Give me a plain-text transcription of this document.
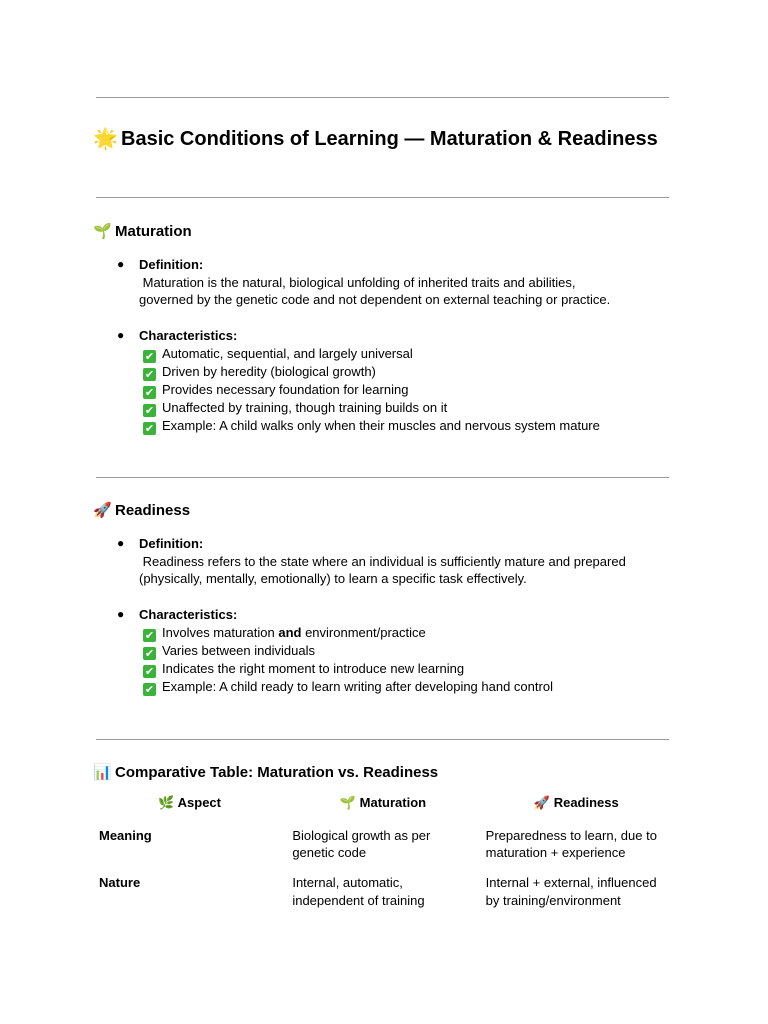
🌟 Basic Conditions of Learning — Maturation & Readiness
🌱 Maturation
● Definition:
Maturation is the natural, biological unfolding of inherited traits and abilities,
governed by the genetic code and not dependent on external teaching or practice.
● Characteristics:
✔ Automatic, sequential, and largely universal
✔ Driven by heredity (biological growth)
✔ Provides necessary foundation for learning
✔ Unaffected by training, though training builds on it
✔ Example: A child walks only when their muscles and nervous system mature
🚀 Readiness
● Definition:
Readiness refers to the state where an individual is sufficiently mature and prepared
(physically, mentally, emotionally) to learn a specific task effectively.
● Characteristics:
✔ Involves maturation and environment/practice
✔ Varies between individuals
✔ Indicates the right moment to introduce new learning
✔ Example: A child ready to learn writing after developing hand control
📊 Comparative Table: Maturation vs. Readiness
🌿 Aspect	🌱 Maturation	🚀 Readiness
Meaning	Biological growth as per genetic code	Preparedness to learn, due to maturation + experience
Nature	Internal, automatic, independent of training	Internal + external, influenced by training/environment
